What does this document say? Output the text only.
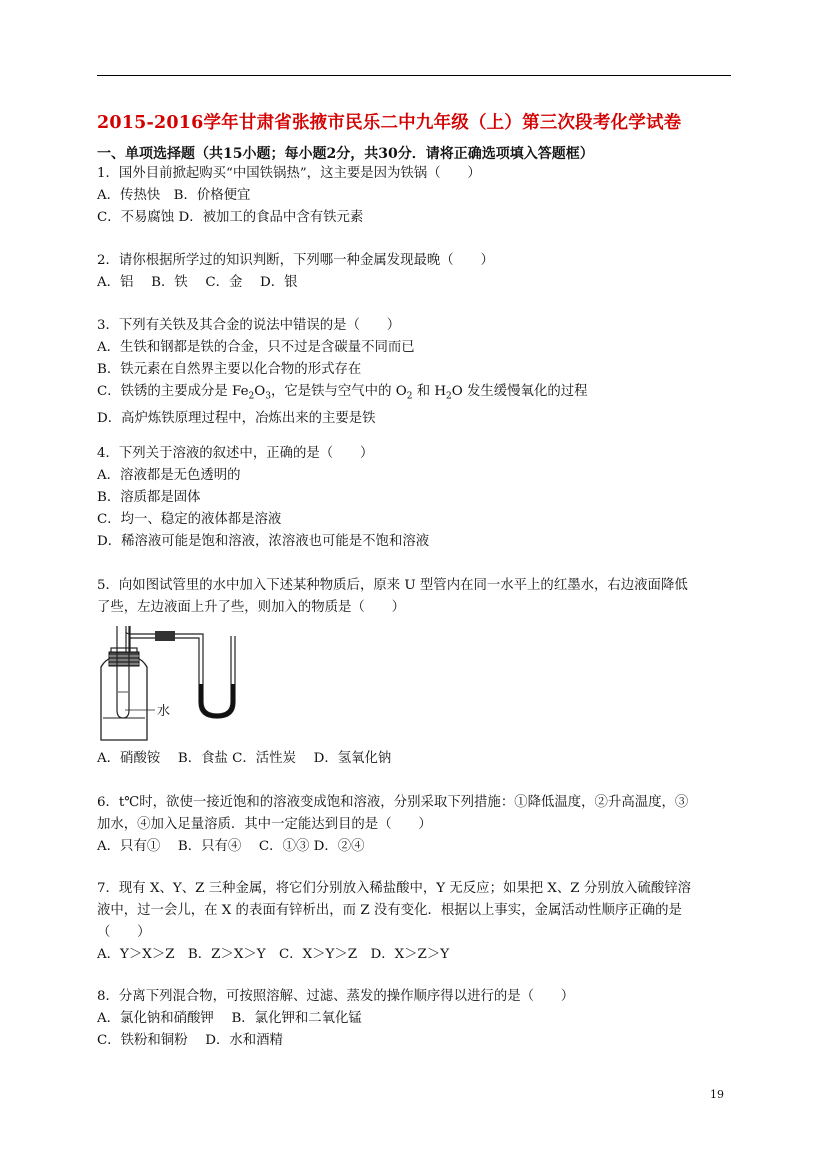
2015-2016学年甘肃省张掖市民乐二中九年级（上）第三次段考化学试卷
一、单项选择题（共15小题；每小题2分，共30分．请将正确选项填入答题框）
1．国外目前掀起购买“中国铁锅热”，这主要是因为铁锅（　　）
A．传热快　B．价格便宜
C．不易腐蚀 D．被加工的食品中含有铁元素
2．请你根据所学过的知识判断，下列哪一种金属发现最晚（　　）
A．铝　 B．铁　 C．金　 D．银
3．下列有关铁及其合金的说法中错误的是（　　）
A．生铁和钢都是铁的合金，只不过是含碳量不同而已
B．铁元素在自然界主要以化合物的形式存在
C．铁锈的主要成分是 $Fe_2O_3$，它是铁与空气中的 $O_2$ 和 $H_2O$ 发生缓慢氧化的过程
D．高炉炼铁原理过程中，冶炼出来的主要是铁
4．下列关于溶液的叙述中，正确的是（　　）
A．溶液都是无色透明的
B．溶质都是固体
C．均一、稳定的液体都是溶液
D．稀溶液可能是饱和溶液，浓溶液也可能是不饱和溶液
5．向如图试管里的水中加入下述某种物质后，原来 U 型管内在同一水平上的红墨水，右边液面降低
了些，左边液面上升了些，则加入的物质是（　　）
水
A．硝酸铵　 B．食盐 C．活性炭　 D．氢氧化钠
6．t℃时，欲使一接近饱和的溶液变成饱和溶液，分别采取下列措施：①降低温度，②升高温度，③
加水，④加入足量溶质．其中一定能达到目的是（　　）
A．只有①　 B．只有④　 C．①③ D．②④
7．现有 X、Y、Z 三种金属，将它们分别放入稀盐酸中，Y 无反应；如果把 X、Z 分别放入硫酸锌溶
液中，过一会儿，在 X 的表面有锌析出，而 Z 没有变化．根据以上事实，金属活动性顺序正确的是
（　　）
A．Y＞X＞Z　B．Z＞X＞Y　C．X＞Y＞Z　D．X＞Z＞Y
8．分离下列混合物，可按照溶解、过滤、蒸发的操作顺序得以进行的是（　　）
A．氯化钠和硝酸钾　 B．氯化钾和二氧化锰
C．铁粉和铜粉　 D．水和酒精
19
